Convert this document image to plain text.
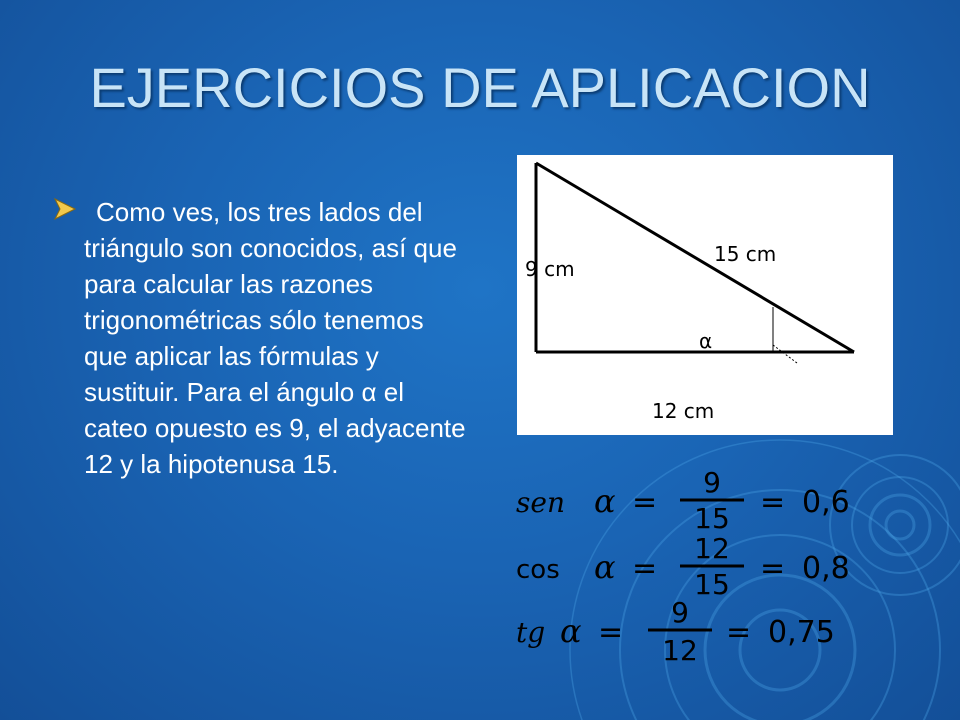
EJERCICIOS DE APLICACION
Como ves, los tres lados del triángulo son conocidos, así que para calcular las razones trigonométricas sólo tenemos que aplicar las fórmulas y sustituir. Para el ángulo α el cateo opuesto es 9, el adyacente 12 y la hipotenusa 15.
9 cm
15 cm
α
12 cm
sen α =
9
15 = 0,6
cos α =
12
15 = 0,8
tg α =
9
12
= 0,75
